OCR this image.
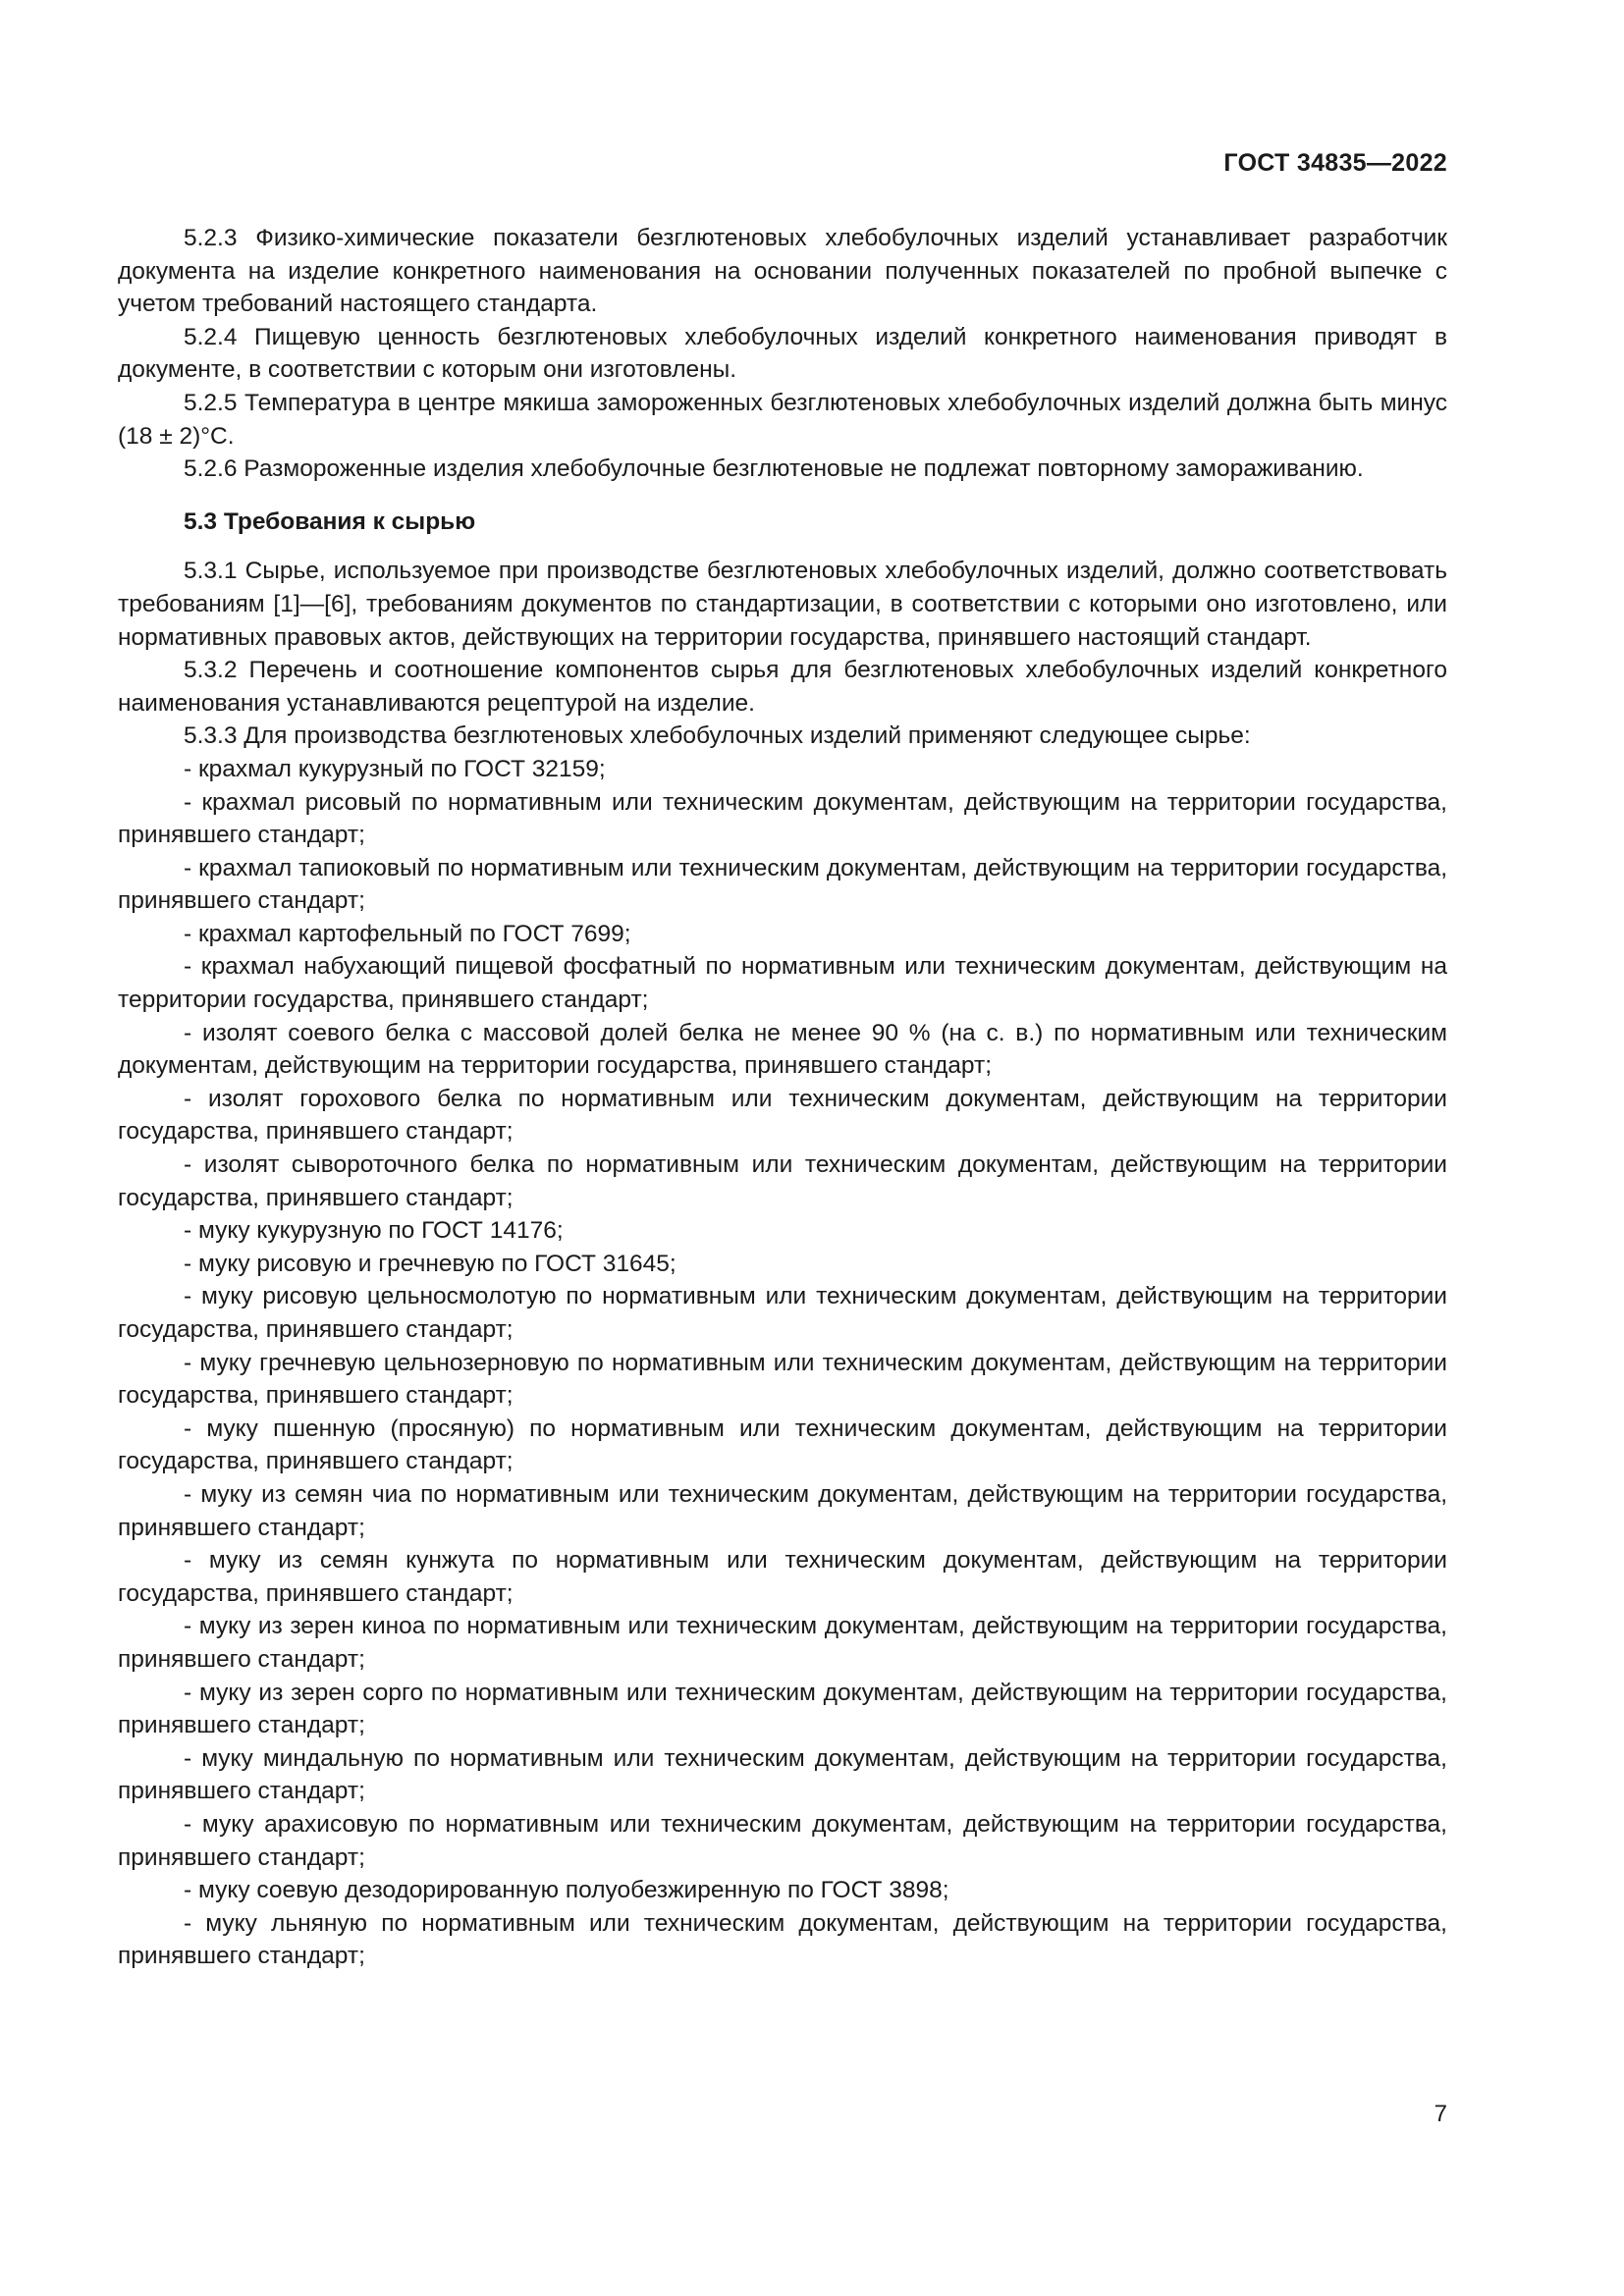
ГОСТ 34835—2022

5.2.3 Физико-химические показатели безглютеновых хлебобулочных изделий устанавливает разработчик документа на изделие конкретного наименования на основании полученных показателей по пробной выпечке с учетом требований настоящего стандарта.

5.2.4 Пищевую ценность безглютеновых хлебобулочных изделий конкретного наименования приводят в документе, в соответствии с которым они изготовлены.

5.2.5 Температура в центре мякиша замороженных безглютеновых хлебобулочных изделий должна быть минус (18 ± 2)°С.

5.2.6 Размороженные изделия хлебобулочные безглютеновые не подлежат повторному замораживанию.

5.3 Требования к сырью

5.3.1 Сырье, используемое при производстве безглютеновых хлебобулочных изделий, должно соответствовать требованиям [1]—[6], требованиям документов по стандартизации, в соответствии с которыми оно изготовлено, или нормативных правовых актов, действующих на территории государства, принявшего настоящий стандарт.

5.3.2 Перечень и соотношение компонентов сырья для безглютеновых хлебобулочных изделий конкретного наименования устанавливаются рецептурой на изделие.

5.3.3 Для производства безглютеновых хлебобулочных изделий применяют следующее сырье:

- крахмал кукурузный по ГОСТ 32159;

- крахмал рисовый по нормативным или техническим документам, действующим на территории государства, принявшего стандарт;

- крахмал тапиоковый по нормативным или техническим документам, действующим на территории государства, принявшего стандарт;

- крахмал картофельный по ГОСТ 7699;

- крахмал набухающий пищевой фосфатный по нормативным или техническим документам, действующим на территории государства, принявшего стандарт;

- изолят соевого белка с массовой долей белка не менее 90 % (на с. в.) по нормативным или техническим документам, действующим на территории государства, принявшего стандарт;

- изолят горохового белка по нормативным или техническим документам, действующим на территории государства, принявшего стандарт;

- изолят сывороточного белка по нормативным или техническим документам, действующим на территории государства, принявшего стандарт;

- муку кукурузную по ГОСТ 14176;

- муку рисовую и гречневую по ГОСТ 31645;

- муку рисовую цельносмолотую по нормативным или техническим документам, действующим на территории государства, принявшего стандарт;

- муку гречневую цельнозерновую по нормативным или техническим документам, действующим на территории государства, принявшего стандарт;

- муку пшенную (просяную) по нормативным или техническим документам, действующим на территории государства, принявшего стандарт;

- муку из семян чиа по нормативным или техническим документам, действующим на территории государства, принявшего стандарт;

- муку из семян кунжута по нормативным или техническим документам, действующим на территории государства, принявшего стандарт;

- муку из зерен киноа по нормативным или техническим документам, действующим на территории государства, принявшего стандарт;

- муку из зерен сорго по нормативным или техническим документам, действующим на территории государства, принявшего стандарт;

- муку миндальную по нормативным или техническим документам, действующим на территории государства, принявшего стандарт;

- муку арахисовую по нормативным или техническим документам, действующим на территории государства, принявшего стандарт;

- муку соевую дезодорированную полуобезжиренную по ГОСТ 3898;

- муку льняную по нормативным или техническим документам, действующим на территории государства, принявшего стандарт;

7
